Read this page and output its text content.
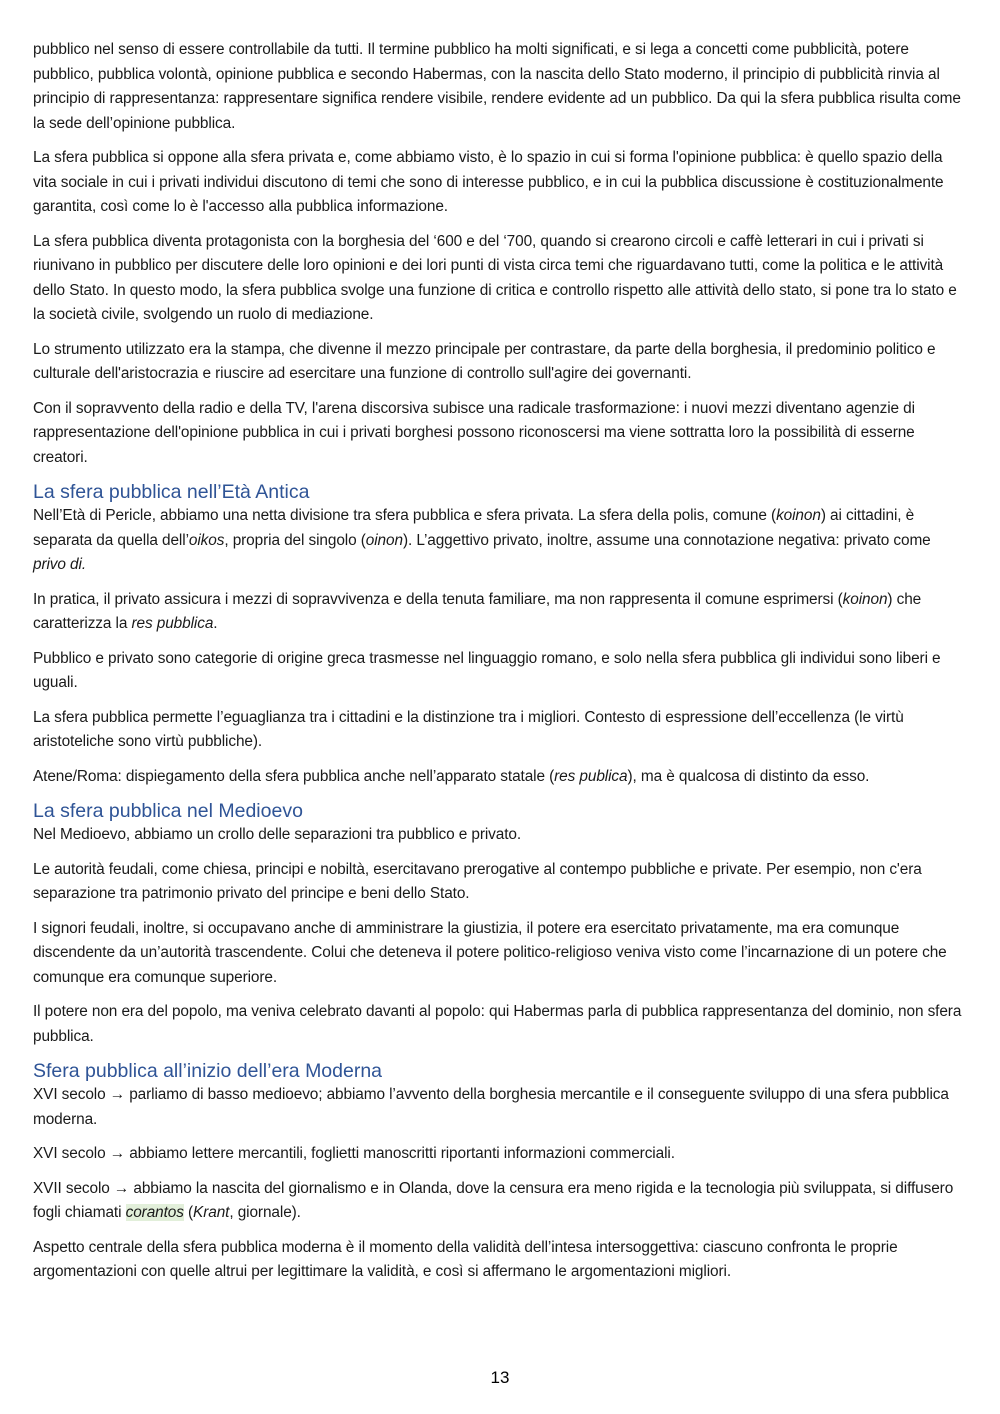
pubblico nel senso di essere controllabile da tutti. Il termine pubblico ha molti significati, e si lega a concetti come pubblicità, potere pubblico, pubblica volontà, opinione pubblica e secondo Habermas, con la nascita dello Stato moderno, il principio di pubblicità rinvia al principio di rappresentanza: rappresentare significa rendere visibile, rendere evidente ad un pubblico. Da qui la sfera pubblica risulta come la sede dell’opinione pubblica.

La sfera pubblica si oppone alla sfera privata e, come abbiamo visto, è lo spazio in cui si forma l'opinione pubblica: è quello spazio della vita sociale in cui i privati individui discutono di temi che sono di interesse pubblico, e in cui la pubblica discussione è costituzionalmente garantita, così come lo è l'accesso alla pubblica informazione.

La sfera pubblica diventa protagonista con la borghesia del ‘600 e del ‘700, quando si crearono circoli e caffè letterari in cui i privati si riunivano in pubblico per discutere delle loro opinioni e dei lori punti di vista circa temi che riguardavano tutti, come la politica e le attività dello Stato. In questo modo, la sfera pubblica svolge una funzione di critica e controllo rispetto alle attività dello stato, si pone tra lo stato e la società civile, svolgendo un ruolo di mediazione.

Lo strumento utilizzato era la stampa, che divenne il mezzo principale per contrastare, da parte della borghesia, il predominio politico e culturale dell'aristocrazia e riuscire ad esercitare una funzione di controllo sull'agire dei governanti.

Con il sopravvento della radio e della TV, l'arena discorsiva subisce una radicale trasformazione: i nuovi mezzi diventano agenzie di rappresentazione dell'opinione pubblica in cui i privati borghesi possono riconoscersi ma viene sottratta loro la possibilità di esserne creatori.

La sfera pubblica nell’Età Antica

Nell’Età di Pericle, abbiamo una netta divisione tra sfera pubblica e sfera privata. La sfera della polis, comune (koinon) ai cittadini, è separata da quella dell’oikos, propria del singolo (oinon). L’aggettivo privato, inoltre, assume una connotazione negativa: privato come privo di.

In pratica, il privato assicura i mezzi di sopravvivenza e della tenuta familiare, ma non rappresenta il comune esprimersi (koinon) che caratterizza la res pubblica.

Pubblico e privato sono categorie di origine greca trasmesse nel linguaggio romano, e solo nella sfera pubblica gli individui sono liberi e uguali.

La sfera pubblica permette l’eguaglianza tra i cittadini e la distinzione tra i migliori. Contesto di espressione dell’eccellenza (le virtù aristoteliche sono virtù pubbliche).

Atene/Roma: dispiegamento della sfera pubblica anche nell’apparato statale (res publica), ma è qualcosa di distinto da esso.

La sfera pubblica nel Medioevo

Nel Medioevo, abbiamo un crollo delle separazioni tra pubblico e privato.

Le autorità feudali, come chiesa, principi e nobiltà, esercitavano prerogative al contempo pubbliche e private. Per esempio, non c'era separazione tra patrimonio privato del principe e beni dello Stato.

I signori feudali, inoltre, si occupavano anche di amministrare la giustizia, il potere era esercitato privatamente, ma era comunque discendente da un’autorità trascendente. Colui che deteneva il potere politico-religioso veniva visto come l’incarnazione di un potere che comunque era comunque superiore.

Il potere non era del popolo, ma veniva celebrato davanti al popolo: qui Habermas parla di pubblica rappresentanza del dominio, non sfera pubblica.

Sfera pubblica all’inizio dell’era Moderna

XVI secolo → parliamo di basso medioevo; abbiamo l’avvento della borghesia mercantile e il conseguente sviluppo di una sfera pubblica moderna.

XVI secolo → abbiamo lettere mercantili, foglietti manoscritti riportanti informazioni commerciali.

XVII secolo → abbiamo la nascita del giornalismo e in Olanda, dove la censura era meno rigida e la tecnologia più sviluppata, si diffusero fogli chiamati corantos (Krant, giornale).

Aspetto centrale della sfera pubblica moderna è il momento della validità dell’intesa intersoggettiva: ciascuno confronta le proprie argomentazioni con quelle altrui per legittimare la validità, e così si affermano le argomentazioni migliori.

13
